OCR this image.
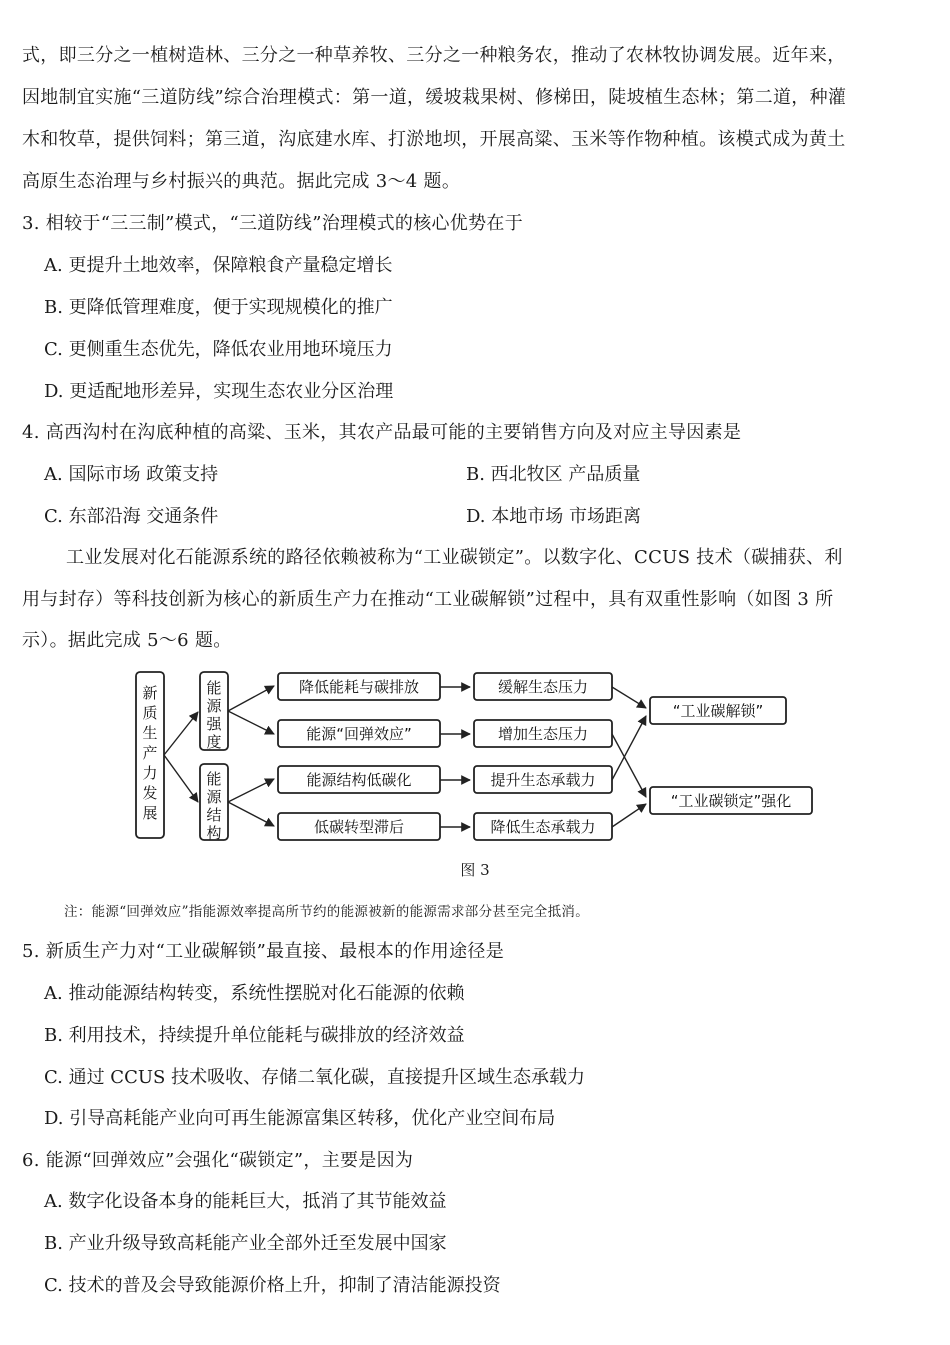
式，即三分之一植树造林、三分之一种草养牧、三分之一种粮务农，推动了农林牧协调发展。近年来，
因地制宜实施“三道防线”综合治理模式：第一道，缓坡栽果树、修梯田，陡坡植生态林；第二道，种灌
木和牧草，提供饲料；第三道，沟底建水库、打淤地坝，开展高粱、玉米等作物种植。该模式成为黄土
高原生态治理与乡村振兴的典范。据此完成 3～4 题。
3. 相较于“三三制”模式，“三道防线”治理模式的核心优势在于
A. 更提升土地效率，保障粮食产量稳定增长
B. 更降低管理难度，便于实现规模化的推广
C. 更侧重生态优先，降低农业用地环境压力
D. 更适配地形差异，实现生态农业分区治理
4. 高西沟村在沟底种植的高粱、玉米，其农产品最可能的主要销售方向及对应主导因素是
A. 国际市场 政策支持	B. 西北牧区 产品质量
C. 东部沿海 交通条件	D. 本地市场 市场距离
工业发展对化石能源系统的路径依赖被称为“工业碳锁定”。以数字化、CCUS 技术（碳捕获、利
用与封存）等科技创新为核心的新质生产力在推动“工业碳解锁”过程中，具有双重性影响（如图 3 所
示）。据此完成 5～6 题。
新
质
生
产
力
发
展
能
源
强
度
能
源
结
构
降低能耗与碳排放
能源“回弹效应”
能源结构低碳化
低碳转型滞后
缓解生态压力
增加生态压力
提升生态承载力
降低生态承载力
“工业碳解锁”
“工业碳锁定”强化
图 3
注：能源“回弹效应”指能源效率提高所节约的能源被新的能源需求部分甚至完全抵消。
5. 新质生产力对“工业碳解锁”最直接、最根本的作用途径是
A. 推动能源结构转变，系统性摆脱对化石能源的依赖
B. 利用技术，持续提升单位能耗与碳排放的经济效益
C. 通过 CCUS 技术吸收、存储二氧化碳，直接提升区域生态承载力
D. 引导高耗能产业向可再生能源富集区转移，优化产业空间布局
6. 能源“回弹效应”会强化“碳锁定”，主要是因为
A. 数字化设备本身的能耗巨大，抵消了其节能效益
B. 产业升级导致高耗能产业全部外迁至发展中国家
C. 技术的普及会导致能源价格上升，抑制了清洁能源投资
